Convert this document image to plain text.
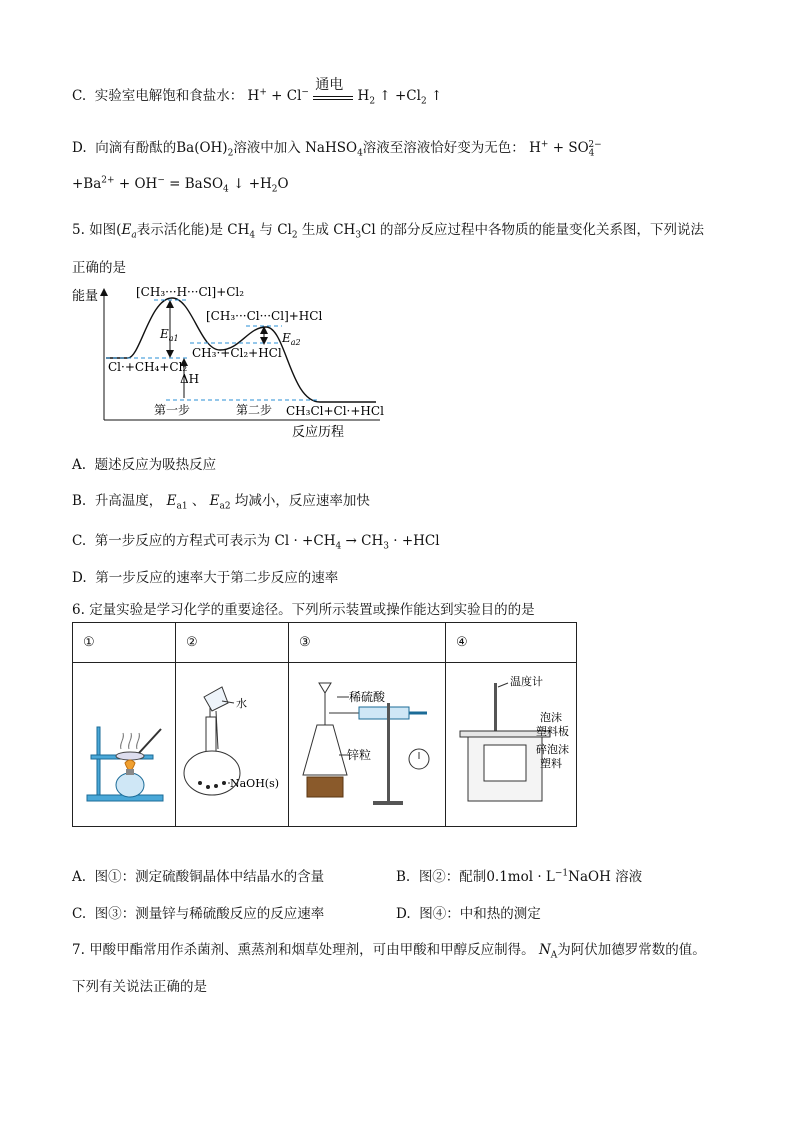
C. 实验室电解饱和食盐水： H+ + Cl− 通电
$H_2$ ↑ $+Cl_2$ ↑
D. 向滴有酚酞的$Ba(OH)_2$溶液中加入 NaHSO$_4$溶液至溶液恰好变为无色： $H^+ + SO_4^{2-}$
$+Ba^{2+} + OH^-$ = BaSO$_4$ ↓ $+H_2O$
5. 如图($E_a$表示活化能)是 $CH_4$ 与 $Cl_2$ 生成 $CH_3Cl$ 的部分反应过程中各物质的能量变化关系图，下列说法
正确的是
能量
反应历程
[CH₃···H···Cl]+Cl₂
[CH₃···Cl···Cl]+HCl
CH₃·+Cl₂+HCl
Cl·+CH₄+Cl₂
CH₃Cl+Cl·+HCl
$E_{a1}$	$E_{a2}$
ΔH
第一步	第二步
A. 题述反应为吸热反应
B. 升高温度， $E_{a1}$ 、 $E_{a2}$ 均减小，反应速率加快
C. 第一步反应的方程式可表示为 $Cl \cdot +CH_4 \to CH_3 \cdot +HCl$
D. 第一步反应的速率大于第二步反应的速率
6. 定量实验是学习化学的重要途径。下列所示装置或操作能达到实验目的的是
①	②	③	④

水
NaOH(s)	稀硫酸
锌粒	温度计
泡沫
塑料板
碎泡沫
塑料
A. 图①：测定硫酸铜晶体中结晶水的含量	B. 图②：配制$0.1mol \cdot L^{-1}NaOH$ 溶液
C. 图③：测量锌与稀硫酸反应的反应速率	D. 图④：中和热的测定
7. 甲酸甲酯常用作杀菌剂、熏蒸剂和烟草处理剂，可由甲酸和甲醇反应制得。 $N_A$为阿伏加德罗常数的值。
下列有关说法正确的是
